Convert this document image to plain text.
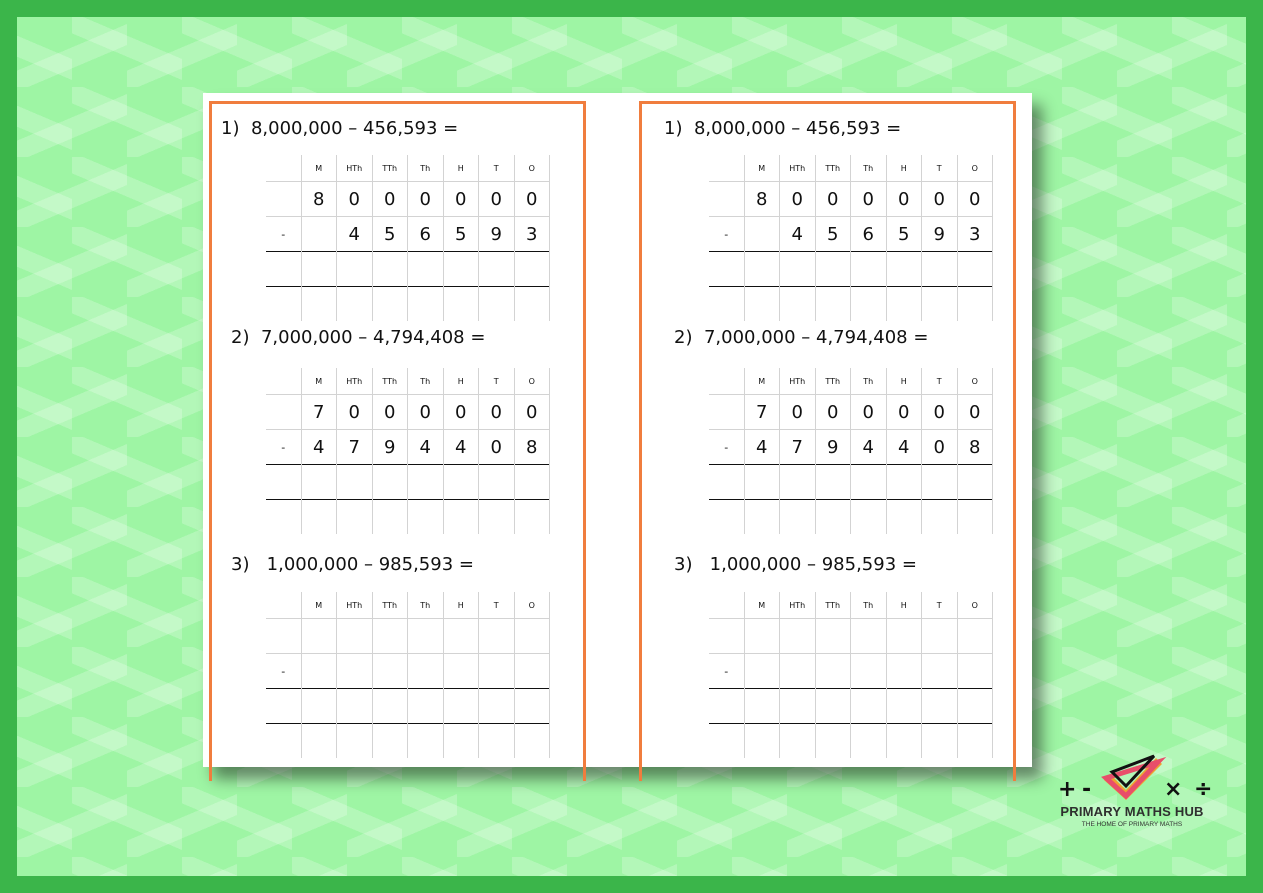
1) 8,000,000 – 456,593 =
	M	HTh	TTh	Th	H	T	O
	8	0	0	0	0	0	0
-		4	5	6	5	9	3

2) 7,000,000 – 4,794,408 =
	M	HTh	TTh	Th	H	T	O
	7	0	0	0	0	0	0
-	4	7	9	4	4	0	8

3) 1,000,000 – 985,593 =
	M	HTh	TTh	Th	H	T	O

-							

1) 8,000,000 – 456,593 =
	M	HTh	TTh	Th	H	T	O
	8	0	0	0	0	0	0
-		4	5	6	5	9	3

2) 7,000,000 – 4,794,408 =
	M	HTh	TTh	Th	H	T	O
	7	0	0	0	0	0	0
-	4	7	9	4	4	0	8

3) 1,000,000 – 985,593 =
	M	HTh	TTh	Th	H	T	O

-							

+ -	× ÷
PRIMARY MATHS HUB
THE HOME OF PRIMARY MATHS
